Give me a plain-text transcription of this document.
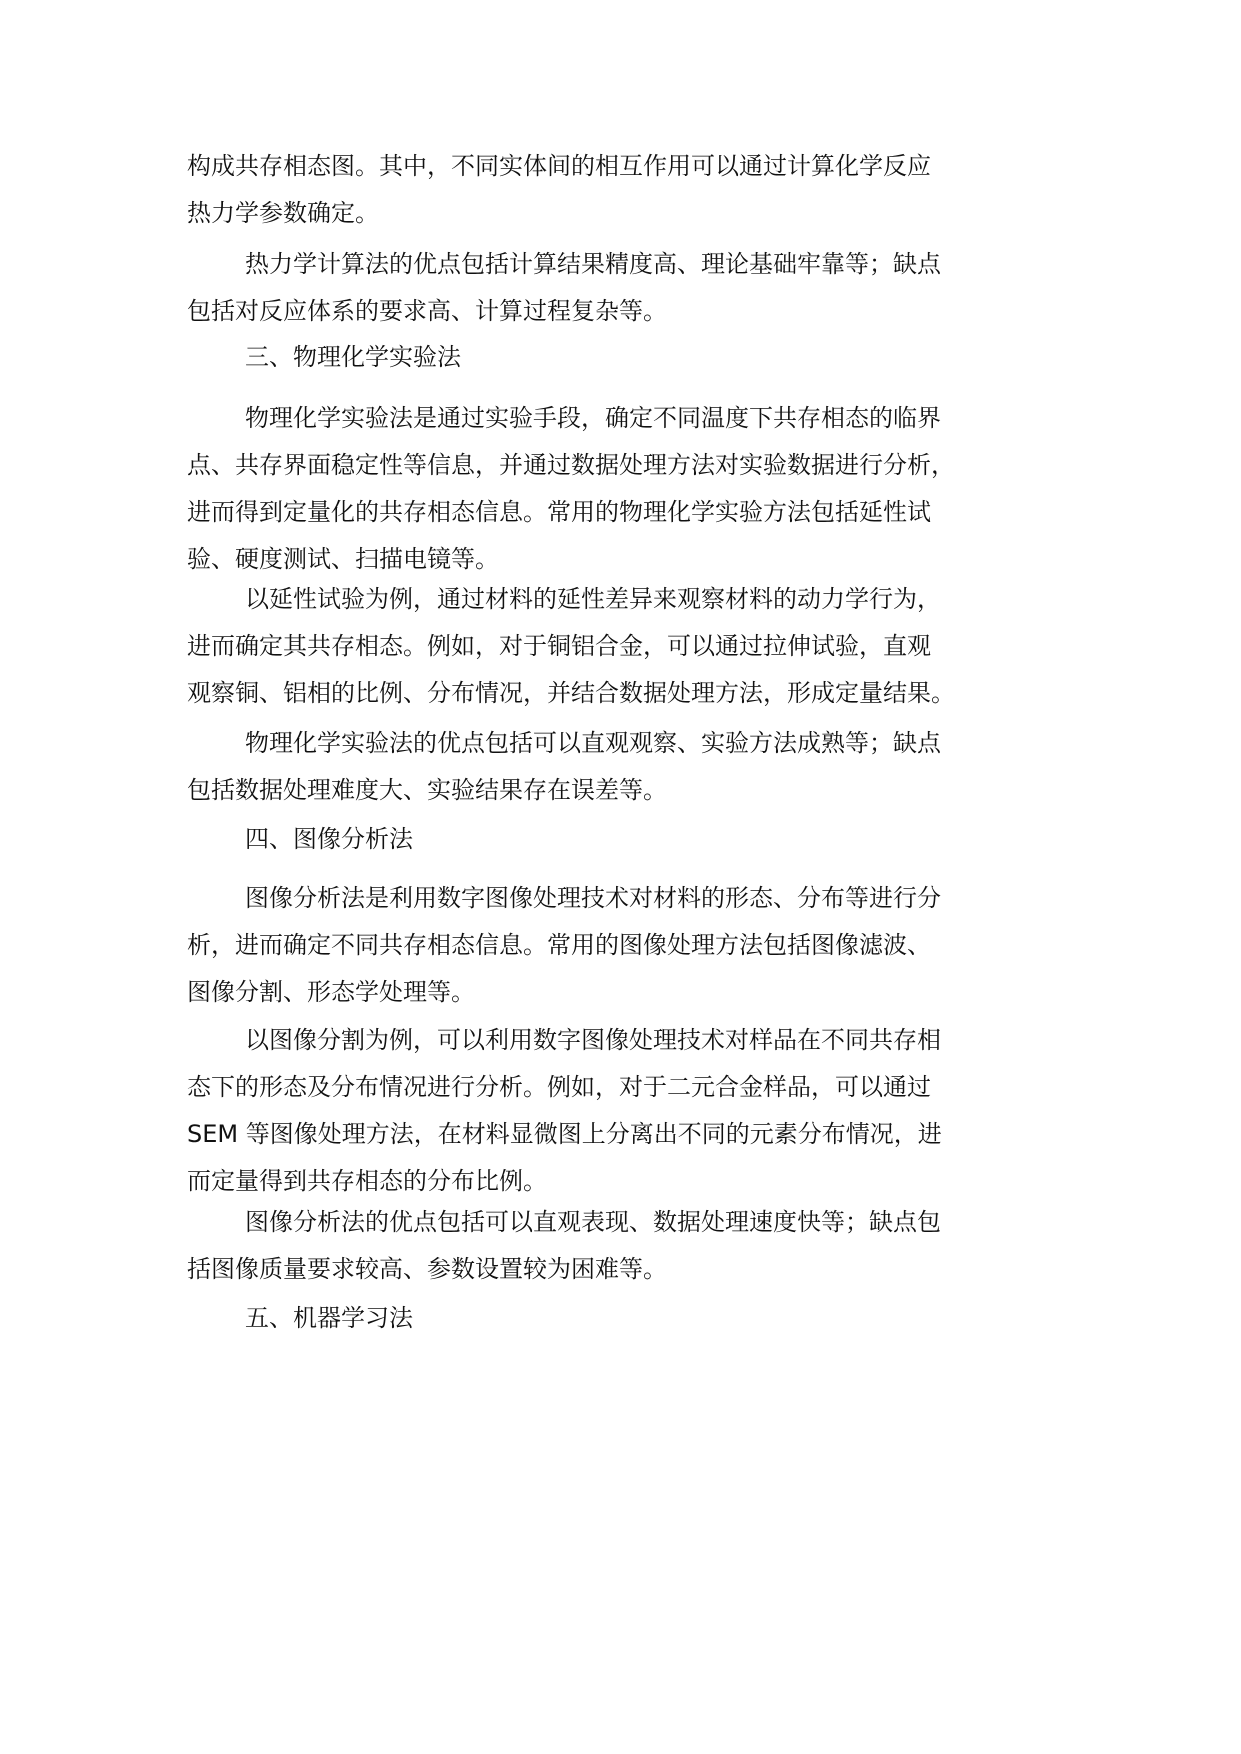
构成共存相态图。其中，不同实体间的相互作用可以通过计算化学反应
热力学参数确定。
热力学计算法的优点包括计算结果精度高、理论基础牢靠等；缺点
包括对反应体系的要求高、计算过程复杂等。
三、物理化学实验法
物理化学实验法是通过实验手段，确定不同温度下共存相态的临界
点、共存界面稳定性等信息，并通过数据处理方法对实验数据进行分析，
进而得到定量化的共存相态信息。常用的物理化学实验方法包括延性试
验、硬度测试、扫描电镜等。
以延性试验为例，通过材料的延性差异来观察材料的动力学行为，
进而确定其共存相态。例如，对于铜铝合金，可以通过拉伸试验，直观
观察铜、铝相的比例、分布情况，并结合数据处理方法，形成定量结果。
物理化学实验法的优点包括可以直观观察、实验方法成熟等；缺点
包括数据处理难度大、实验结果存在误差等。
四、图像分析法
图像分析法是利用数字图像处理技术对材料的形态、分布等进行分
析，进而确定不同共存相态信息。常用的图像处理方法包括图像滤波、
图像分割、形态学处理等。
以图像分割为例，可以利用数字图像处理技术对样品在不同共存相
态下的形态及分布情况进行分析。例如，对于二元合金样品，可以通过
SEM 等图像处理方法，在材料显微图上分离出不同的元素分布情况，进
而定量得到共存相态的分布比例。
图像分析法的优点包括可以直观表现、数据处理速度快等；缺点包
括图像质量要求较高、参数设置较为困难等。
五、机器学习法
